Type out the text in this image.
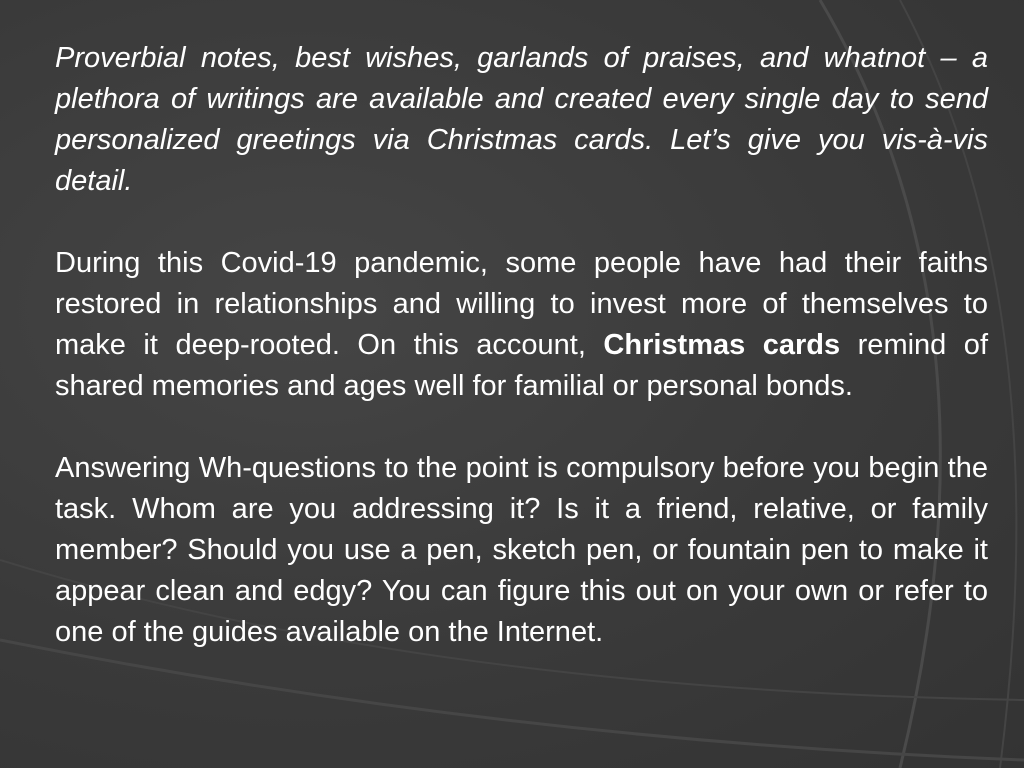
Proverbial notes, best wishes, garlands of praises, and whatnot – a plethora of writings are available and created every single day to send personalized greetings via Christmas cards. Let’s give you vis-à-vis detail.

During this Covid-19 pandemic, some people have had their faiths restored in relationships and willing to invest more of themselves to make it deep-rooted. On this account, Christmas cards remind of shared memories and ages well for familial or personal bonds.

Answering Wh-questions to the point is compulsory before you begin the task. Whom are you addressing it? Is it a friend, relative, or family member? Should you use a pen, sketch pen, or fountain pen to make it appear clean and edgy? You can figure this out on your own or refer to one of the guides available on the Internet.
